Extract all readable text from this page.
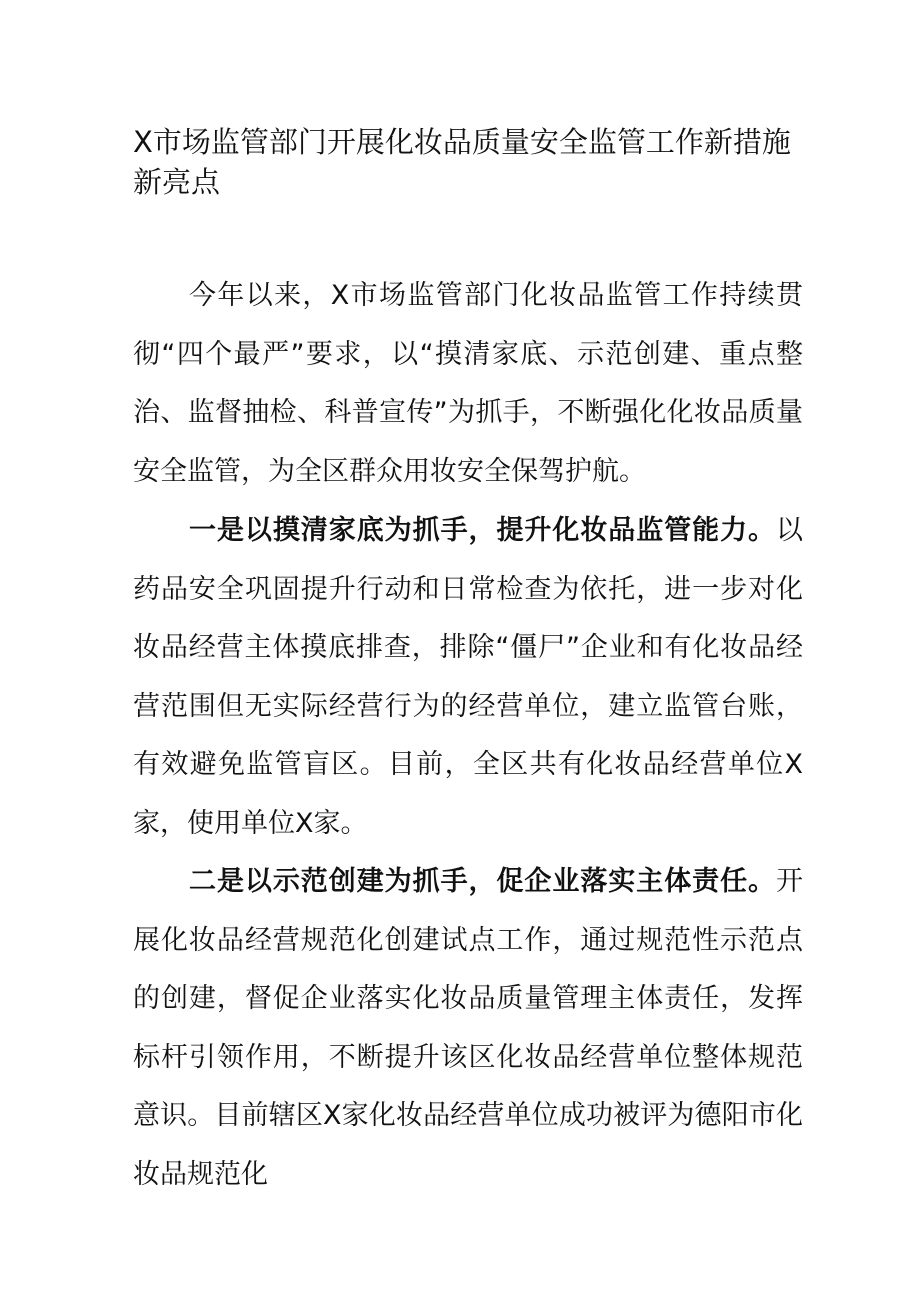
X市场监管部门开展化妆品质量安全监管工作新措施新亮点

今年以来，X市场监管部门化妆品监管工作持续贯彻“四个最严”要求，以“摸清家底、示范创建、重点整治、监督抽检、科普宣传”为抓手，不断强化化妆品质量安全监管，为全区群众用妆安全保驾护航。

一是以摸清家底为抓手，提升化妆品监管能力。以药品安全巩固提升行动和日常检查为依托，进一步对化妆品经营主体摸底排查，排除“僵尸”企业和有化妆品经营范围但无实际经营行为的经营单位，建立监管台账，有效避免监管盲区。目前，全区共有化妆品经营单位X家，使用单位X家。

二是以示范创建为抓手，促企业落实主体责任。开展化妆品经营规范化创建试点工作，通过规范性示范点的创建，督促企业落实化妆品质量管理主体责任，发挥标杆引领作用，不断提升该区化妆品经营单位整体规范意识。目前辖区X家化妆品经营单位成功被评为德阳市化妆品规范化
